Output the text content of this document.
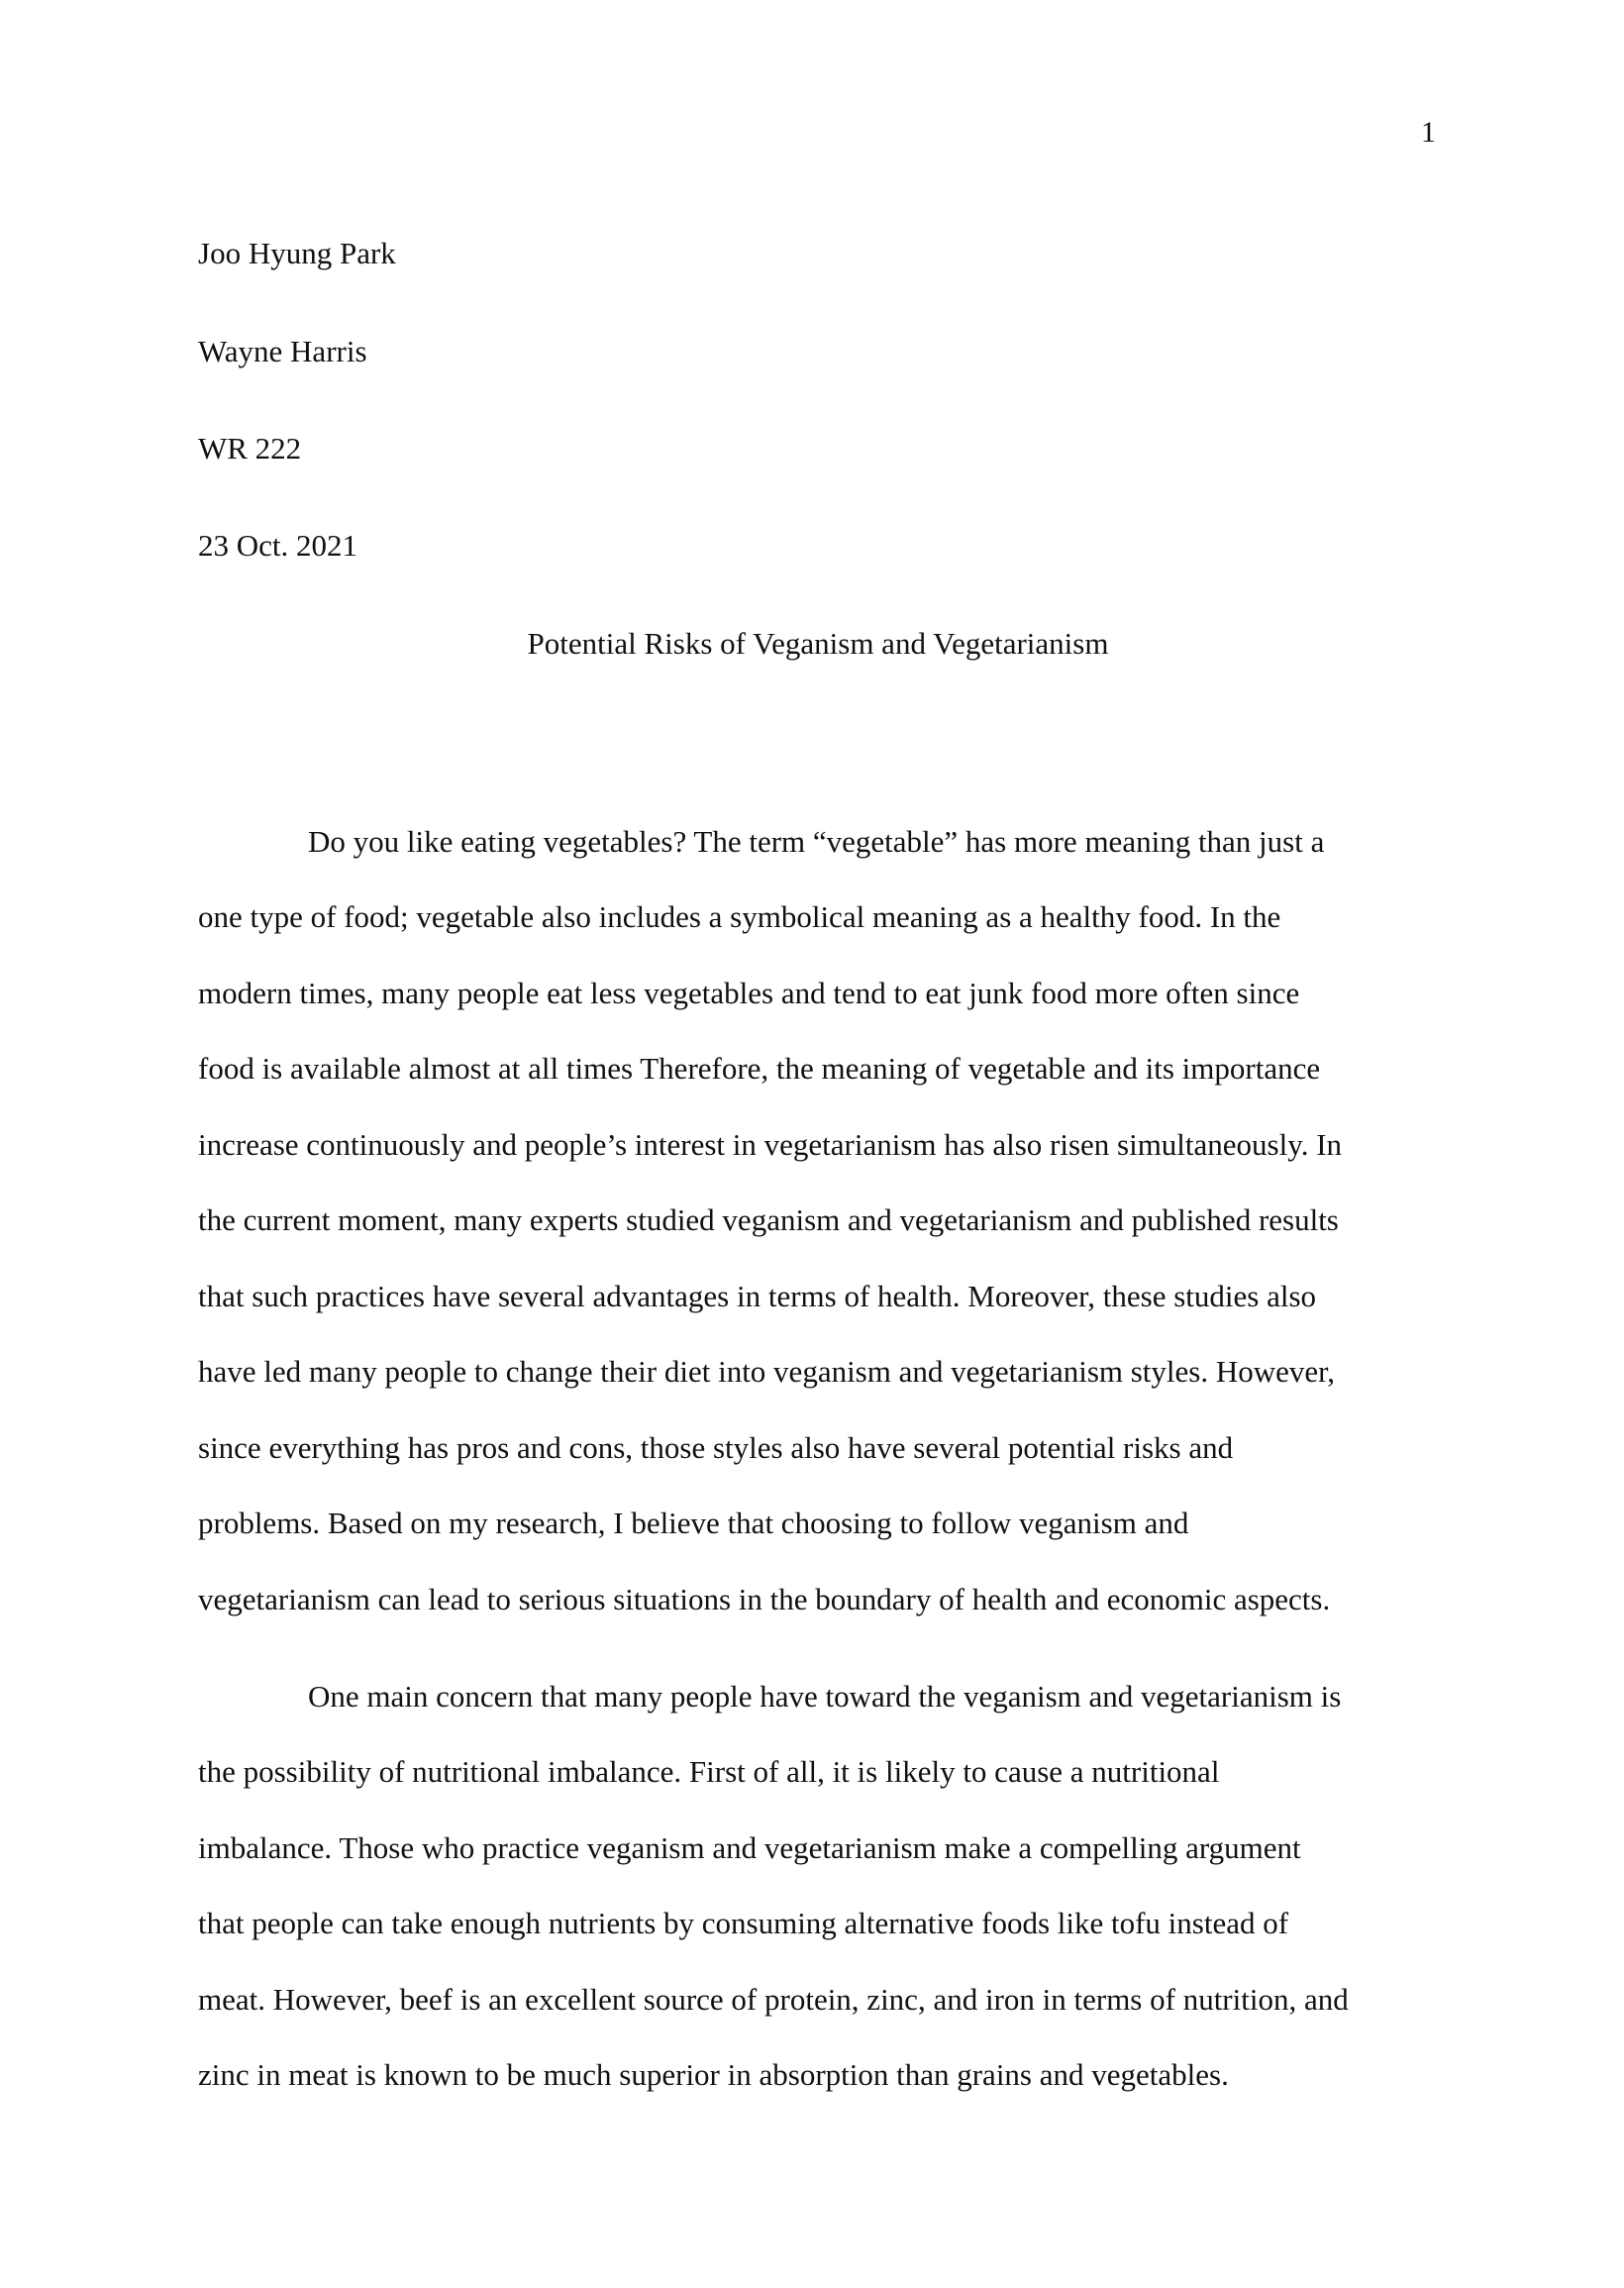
1
Joo Hyung Park
Wayne Harris
WR 222
23 Oct. 2021
Potential Risks of Veganism and Vegetarianism
Do you like eating vegetables? The term “vegetable” has more meaning than just a
one type of food; vegetable also includes a symbolical meaning as a healthy food. In the
modern times, many people eat less vegetables and tend to eat junk food more often since
food is available almost at all times Therefore, the meaning of vegetable and its importance
increase continuously and people’s interest in vegetarianism has also risen simultaneously. In
the current moment, many experts studied veganism and vegetarianism and published results
that such practices have several advantages in terms of health. Moreover, these studies also
have led many people to change their diet into veganism and vegetarianism styles. However,
since everything has pros and cons, those styles also have several potential risks and
problems. Based on my research, I believe that choosing to follow veganism and
vegetarianism can lead to serious situations in the boundary of health and economic aspects.
One main concern that many people have toward the veganism and vegetarianism is
the possibility of nutritional imbalance. First of all, it is likely to cause a nutritional
imbalance. Those who practice veganism and vegetarianism make a compelling argument
that people can take enough nutrients by consuming alternative foods like tofu instead of
meat. However, beef is an excellent source of protein, zinc, and iron in terms of nutrition, and
zinc in meat is known to be much superior in absorption than grains and vegetables.
